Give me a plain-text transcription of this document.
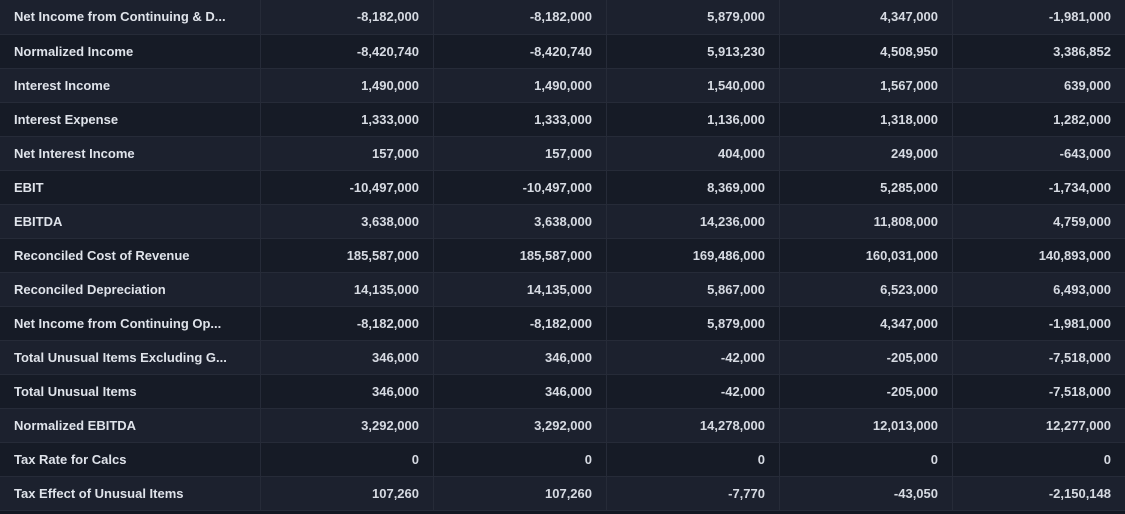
Net Income from Continuing & D...	-8,182,000	-8,182,000	5,879,000	4,347,000	-1,981,000
Normalized Income	-8,420,740	-8,420,740	5,913,230	4,508,950	3,386,852
Interest Income	1,490,000	1,490,000	1,540,000	1,567,000	639,000
Interest Expense	1,333,000	1,333,000	1,136,000	1,318,000	1,282,000
Net Interest Income	157,000	157,000	404,000	249,000	-643,000
EBIT	-10,497,000	-10,497,000	8,369,000	5,285,000	-1,734,000
EBITDA	3,638,000	3,638,000	14,236,000	11,808,000	4,759,000
Reconciled Cost of Revenue	185,587,000	185,587,000	169,486,000	160,031,000	140,893,000
Reconciled Depreciation	14,135,000	14,135,000	5,867,000	6,523,000	6,493,000
Net Income from Continuing Op...	-8,182,000	-8,182,000	5,879,000	4,347,000	-1,981,000
Total Unusual Items Excluding G...	346,000	346,000	-42,000	-205,000	-7,518,000
Total Unusual Items	346,000	346,000	-42,000	-205,000	-7,518,000
Normalized EBITDA	3,292,000	3,292,000	14,278,000	12,013,000	12,277,000
Tax Rate for Calcs	0	0	0	0	0
Tax Effect of Unusual Items	107,260	107,260	-7,770	-43,050	-2,150,148
